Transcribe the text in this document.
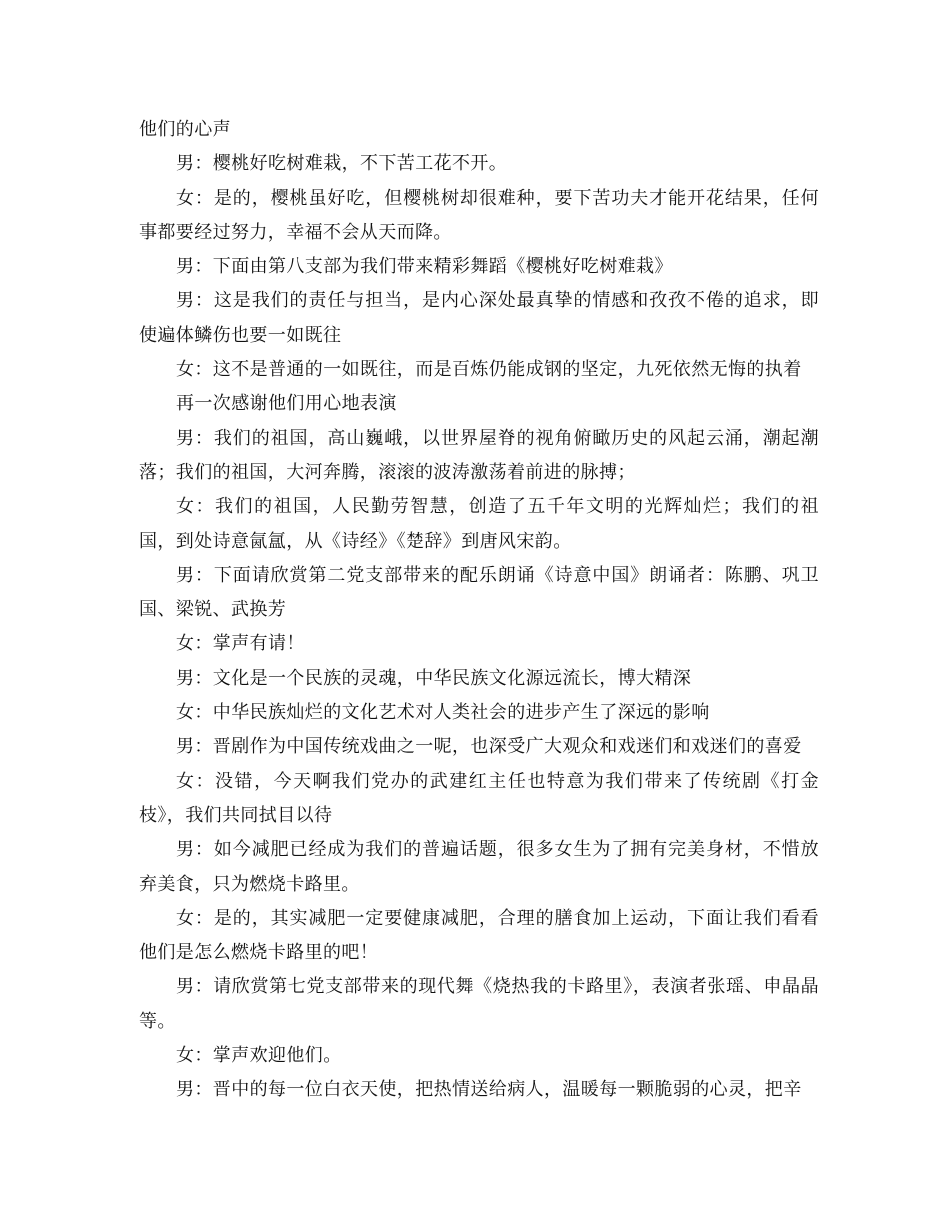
他们的心声

男：樱桃好吃树难栽，不下苦工花不开。

女：是的，樱桃虽好吃，但樱桃树却很难种，要下苦功夫才能开花结果，任何事都要经过努力，幸福不会从天而降。

男：下面由第八支部为我们带来精彩舞蹈《樱桃好吃树难栽》

男：这是我们的责任与担当，是内心深处最真挚的情感和孜孜不倦的追求，即使遍体鳞伤也要一如既往

女：这不是普通的一如既往，而是百炼仍能成钢的坚定，九死依然无悔的执着

再一次感谢他们用心地表演

男：我们的祖国，高山巍峨，以世界屋脊的视角俯瞰历史的风起云涌，潮起潮落；我们的祖国，大河奔腾，滚滚的波涛激荡着前进的脉搏；

女：我们的祖国，人民勤劳智慧，创造了五千年文明的光辉灿烂；我们的祖国，到处诗意氤氲，从《诗经》《楚辞》到唐风宋韵。

男：下面请欣赏第二党支部带来的配乐朗诵《诗意中国》朗诵者：陈鹏、巩卫国、梁锐、武换芳

女：掌声有请！

男：文化是一个民族的灵魂，中华民族文化源远流长，博大精深

女：中华民族灿烂的文化艺术对人类社会的进步产生了深远的影响

男：晋剧作为中国传统戏曲之一呢，也深受广大观众和戏迷们和戏迷们的喜爱

女：没错，今天啊我们党办的武建红主任也特意为我们带来了传统剧《打金枝》，我们共同拭目以待

男：如今减肥已经成为我们的普遍话题，很多女生为了拥有完美身材，不惜放弃美食，只为燃烧卡路里。

女：是的，其实减肥一定要健康减肥，合理的膳食加上运动，下面让我们看看他们是怎么燃烧卡路里的吧！

男：请欣赏第七党支部带来的现代舞《烧热我的卡路里》，表演者张瑶、申晶晶等。

女：掌声欢迎他们。

男：晋中的每一位白衣天使，把热情送给病人，温暖每一颗脆弱的心灵，把辛
